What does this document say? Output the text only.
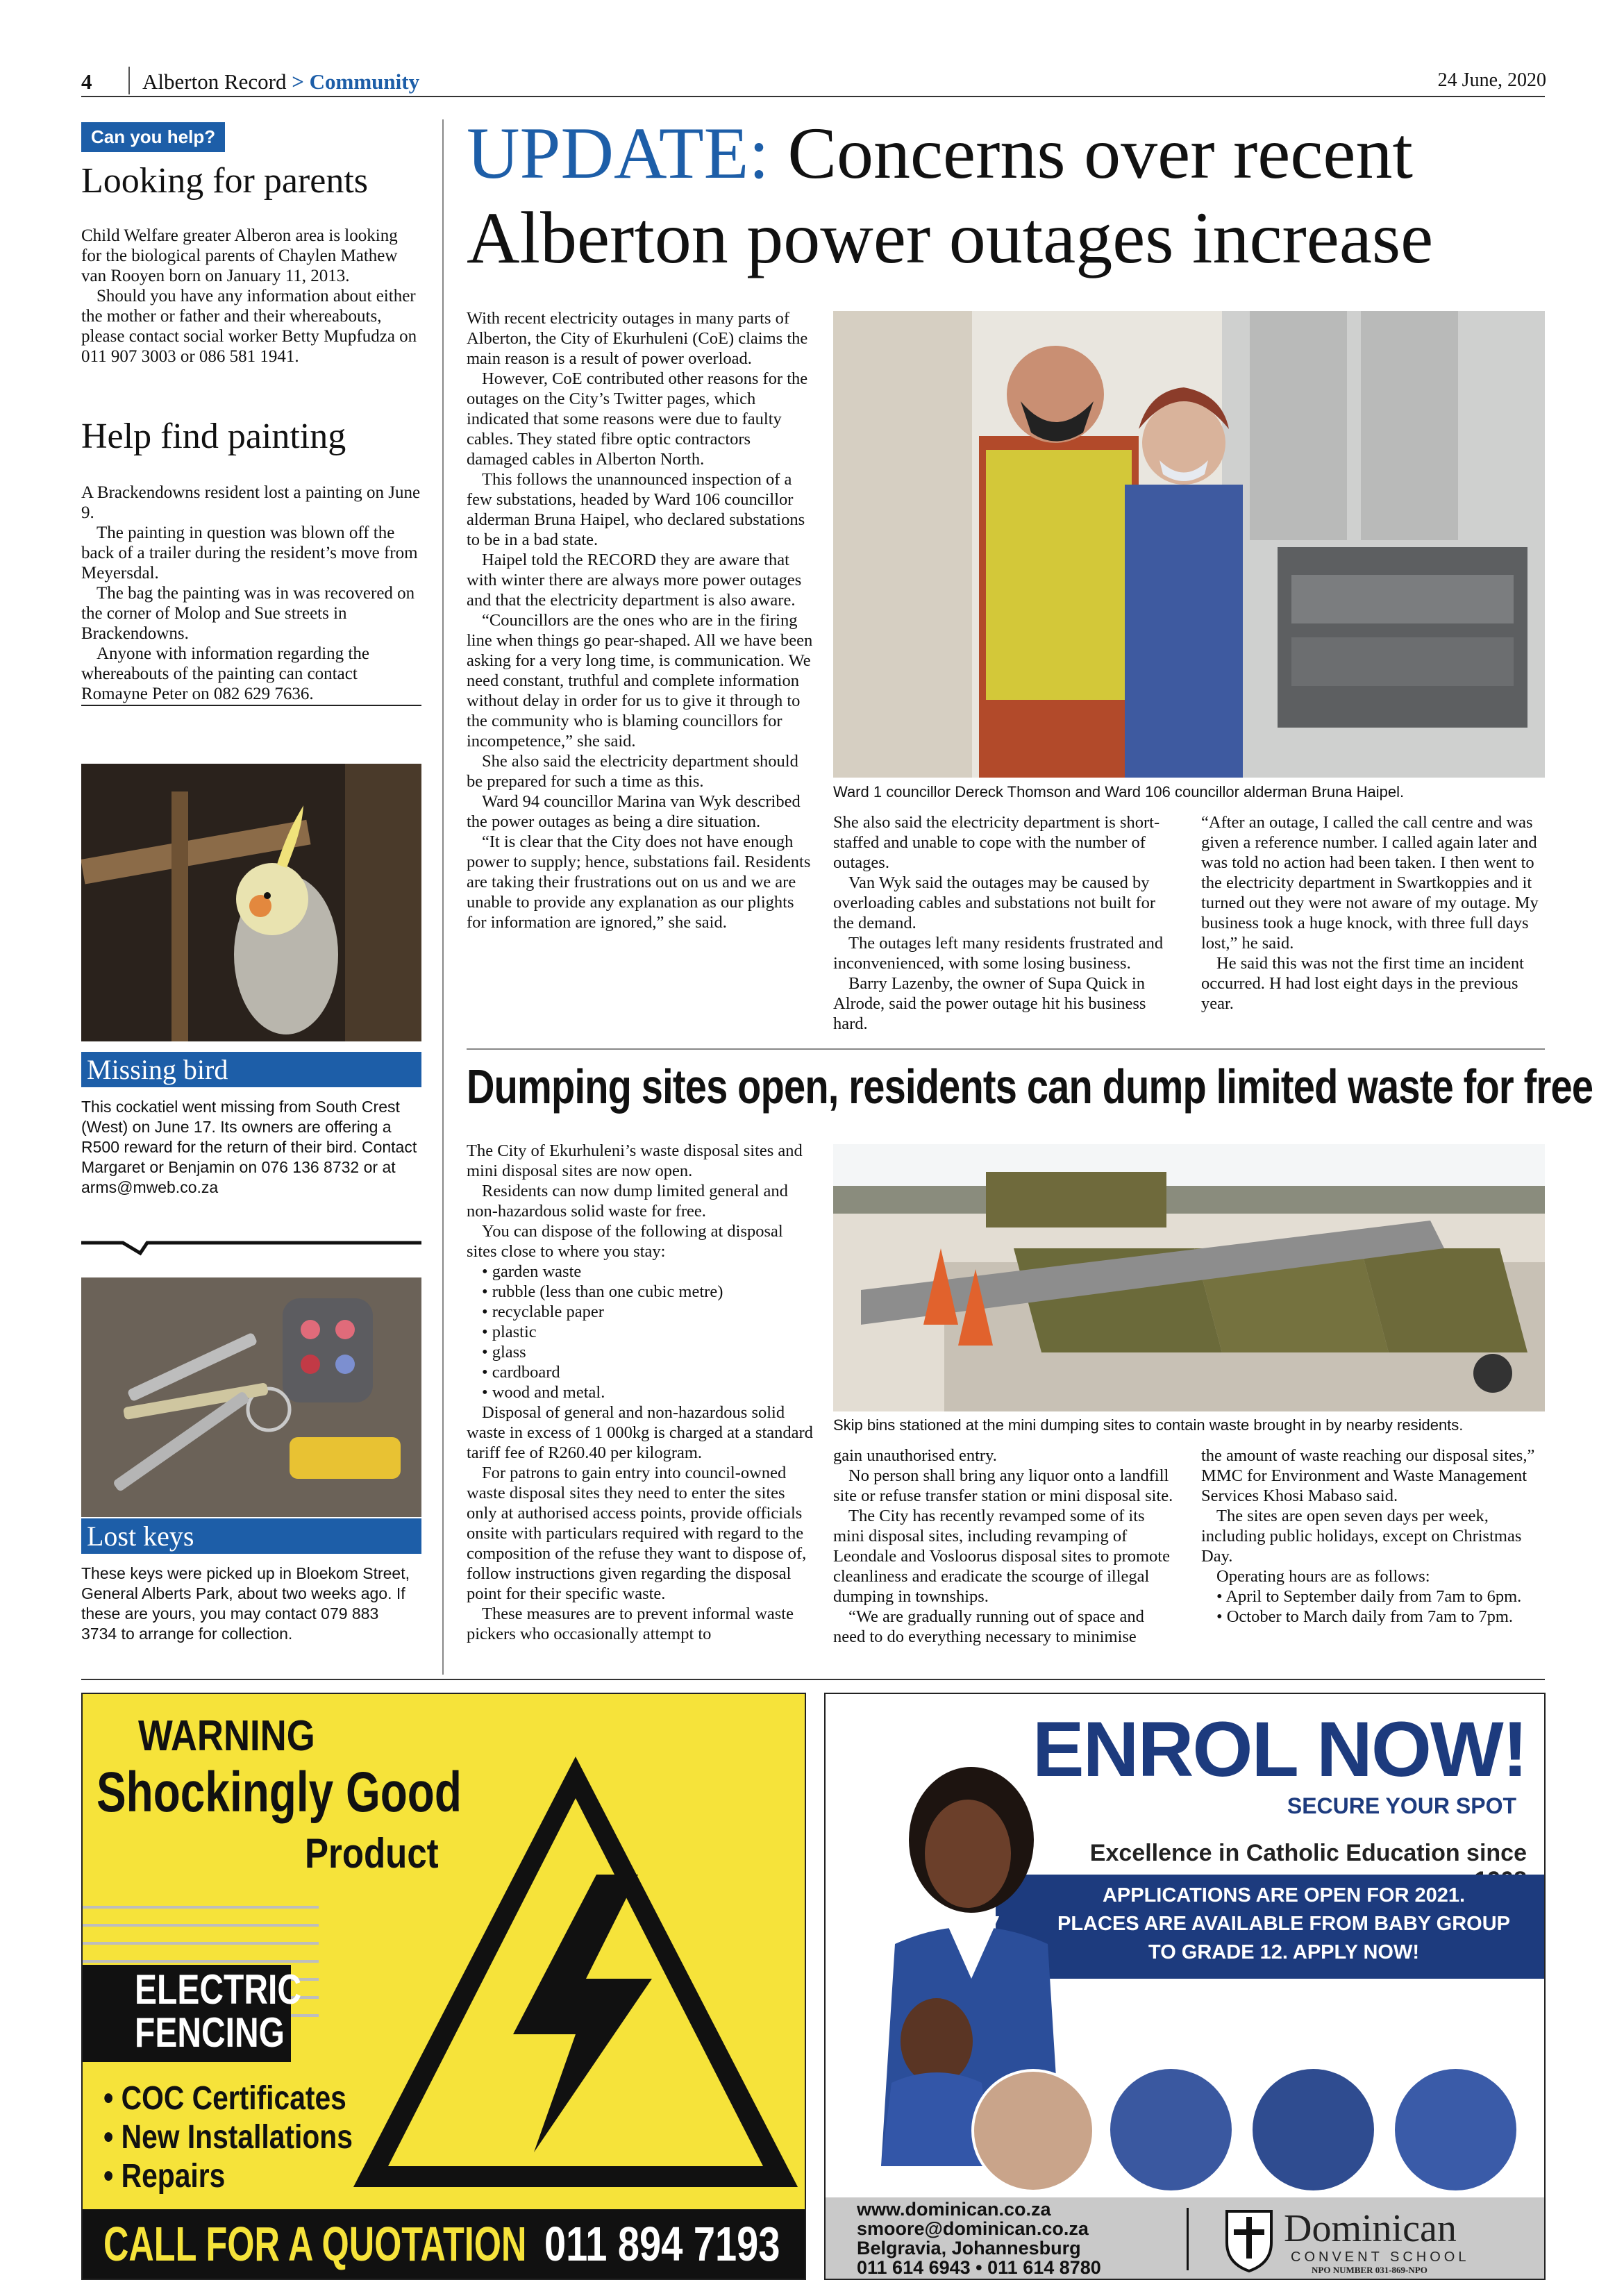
4 Alberton Record > Community	24 June, 2020
Can you help?
Looking for parents

Child Welfare greater Alberon area is looking for the biological parents of Chaylen Mathew van Rooyen born on January 11, 2013.

Should you have any information about either the mother or father and their whereabouts, please contact social worker Betty Mupfudza on 011 907 3003 or 086 581 1941.

Help find painting

A Brackendowns resident lost a painting on June 9.

The painting in question was blown off the back of a trailer during the resident’s move from Meyersdal.

The bag the painting was in was recovered on the corner of Molop and Sue streets in Brackendowns.

Anyone with information regarding the whereabouts of the painting can contact Romayne Peter on 082 629 7636.

Missing bird
This cockatiel went missing from South Crest (West) on June 17. Its owners are offering a R500 reward for the return of their bird. Contact Margaret or Benjamin on 076 136 8732 or at arms@mweb.co.za
Lost keys
These keys were picked up in Bloekom Street, General Alberts Park, about two weeks ago. If these are yours, you may contact 079 883 3734 to arrange for collection.
UPDATE: Concerns over recent Alberton power outages increase

With recent electricity outages in many parts of Alberton, the City of Ekurhuleni (CoE) claims the main reason is a result of power overload.

However, CoE contributed other reasons for the outages on the City’s Twitter pages, which indicated that some reasons were due to faulty cables. They stated fibre optic contractors damaged cables in Alberton North.

This follows the unannounced inspection of a few substations, headed by Ward 106 councillor alderman Bruna Haipel, who declared substations to be in a bad state.

Haipel told the RECORD they are aware that with winter there are always more power outages and that the electricity department is also aware.

“Councillors are the ones who are in the firing line when things go pear-shaped. All we have been asking for a very long time, is communication. We need constant, truthful and complete information without delay in order for us to give it through to the community who is blaming councillors for incompetence,” she said.

She also said the electricity department should be prepared for such a time as this.

Ward 94 councillor Marina van Wyk described the power outages as being a dire situation.

“It is clear that the City does not have enough power to supply; hence, substations fail. Residents are taking their frustrations out on us and we are unable to provide any explanation as our plights for information are ignored,” she said.

Ward 1 councillor Dereck Thomson and Ward 106 councillor alderman Bruna Haipel.

She also said the electricity department is short-staffed and unable to cope with the number of outages.

Van Wyk said the outages may be caused by overloading cables and substations not built for the demand.

The outages left many residents frustrated and inconvenienced, with some losing business.

Barry Lazenby, the owner of Supa Quick in Alrode, said the power outage hit his business hard.

“After an outage, I called the call centre and was given a reference number. I called again later and was told no action had been taken. I then went to the electricity department in Swartkoppies and it turned out they were not aware of my outage. My business took a huge knock, with three full days lost,” he said.

He said this was not the first time an incident occurred. H had lost eight days in the previous year.

Dumping sites open, residents can dump limited waste for free

The City of Ekurhuleni’s waste disposal sites and mini disposal sites are now open.

Residents can now dump limited general and non-hazardous solid waste for free.

You can dispose of the following at disposal sites close to where you stay:

• garden waste
• rubble (less than one cubic metre)
• recyclable paper
• plastic
• glass
• cardboard
• wood and metal.

Disposal of general and non-hazardous solid waste in excess of 1 000kg is charged at a standard tariff fee of R260.40 per kilogram.

For patrons to gain entry into council-owned waste disposal sites they need to enter the sites only at authorised access points, provide officials onsite with particulars required with regard to the composition of the refuse they want to dispose of, follow instructions given regarding the disposal point for their specific waste.

These measures are to prevent informal waste pickers who occasionally attempt to

Skip bins stationed at the mini dumping sites to contain waste brought in by nearby residents.

gain unauthorised entry.

No person shall bring any liquor onto a landfill site or refuse transfer station or mini disposal site.

The City has recently revamped some of its mini disposal sites, including revamping of Leondale and Vosloorus disposal sites to promote cleanliness and eradicate the scourge of illegal dumping in townships.

“We are gradually running out of space and need to do everything necessary to minimise

the amount of waste reaching our disposal sites,” MMC for Environment and Waste Management Services Khosi Mabaso said.

The sites are open seven days per week, including public holidays, except on Christmas Day.

Operating hours are as follows:

• April to September daily from 7am to 6pm.

• October to March daily from 7am to 7pm.

WARNING
Shockingly Good
Product
ELECTRIC
FENCING
• COC Certificates
• New Installations
• Repairs
CALL FOR A QUOTATION 011 894 7193
ENROL NOW!
SECURE YOUR SPOT
Excellence in Catholic Education since
APPLICATIONS ARE OPEN FOR 2021.
PLACES ARE AVAILABLE FROM BABY GROUP
TO GRADE 12. APPLY NOW!
www.dominican.co.za
smoore@dominican.co.za
Belgravia, Johannesburg
011 614 6943 • 011 614 8780
Dominican
CONVENT SCHOOL
NPO NUMBER 031-869-NPO
